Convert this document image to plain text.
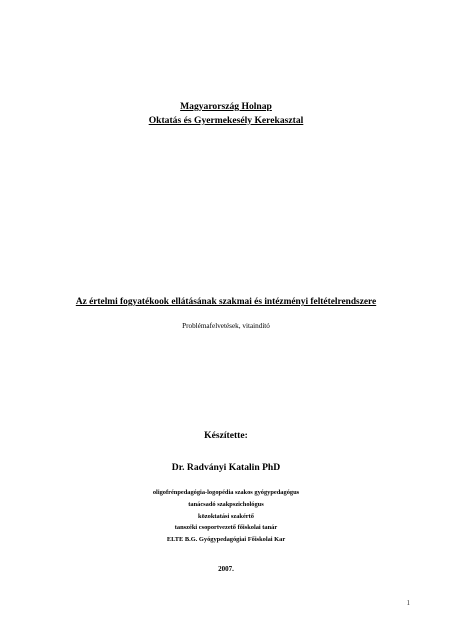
Magyarország Holnap
Oktatás és Gyermekesély Kerekasztal
Az értelmi fogyatékook ellátásának szakmai és intézményi feltételrendszere
Problémafelvetések, vitaindító
Készítette:
Dr. Radványi Katalin PhD
oligofrénpedagógia-logopédia szakos gyógypedagógus
tanácsadó szakpszichológus
közoktatási szakértő
tanszéki csoportvezető főiskolai tanár
ELTE B.G. Gyógypedagógiai Főiskolai Kar
2007.
1
